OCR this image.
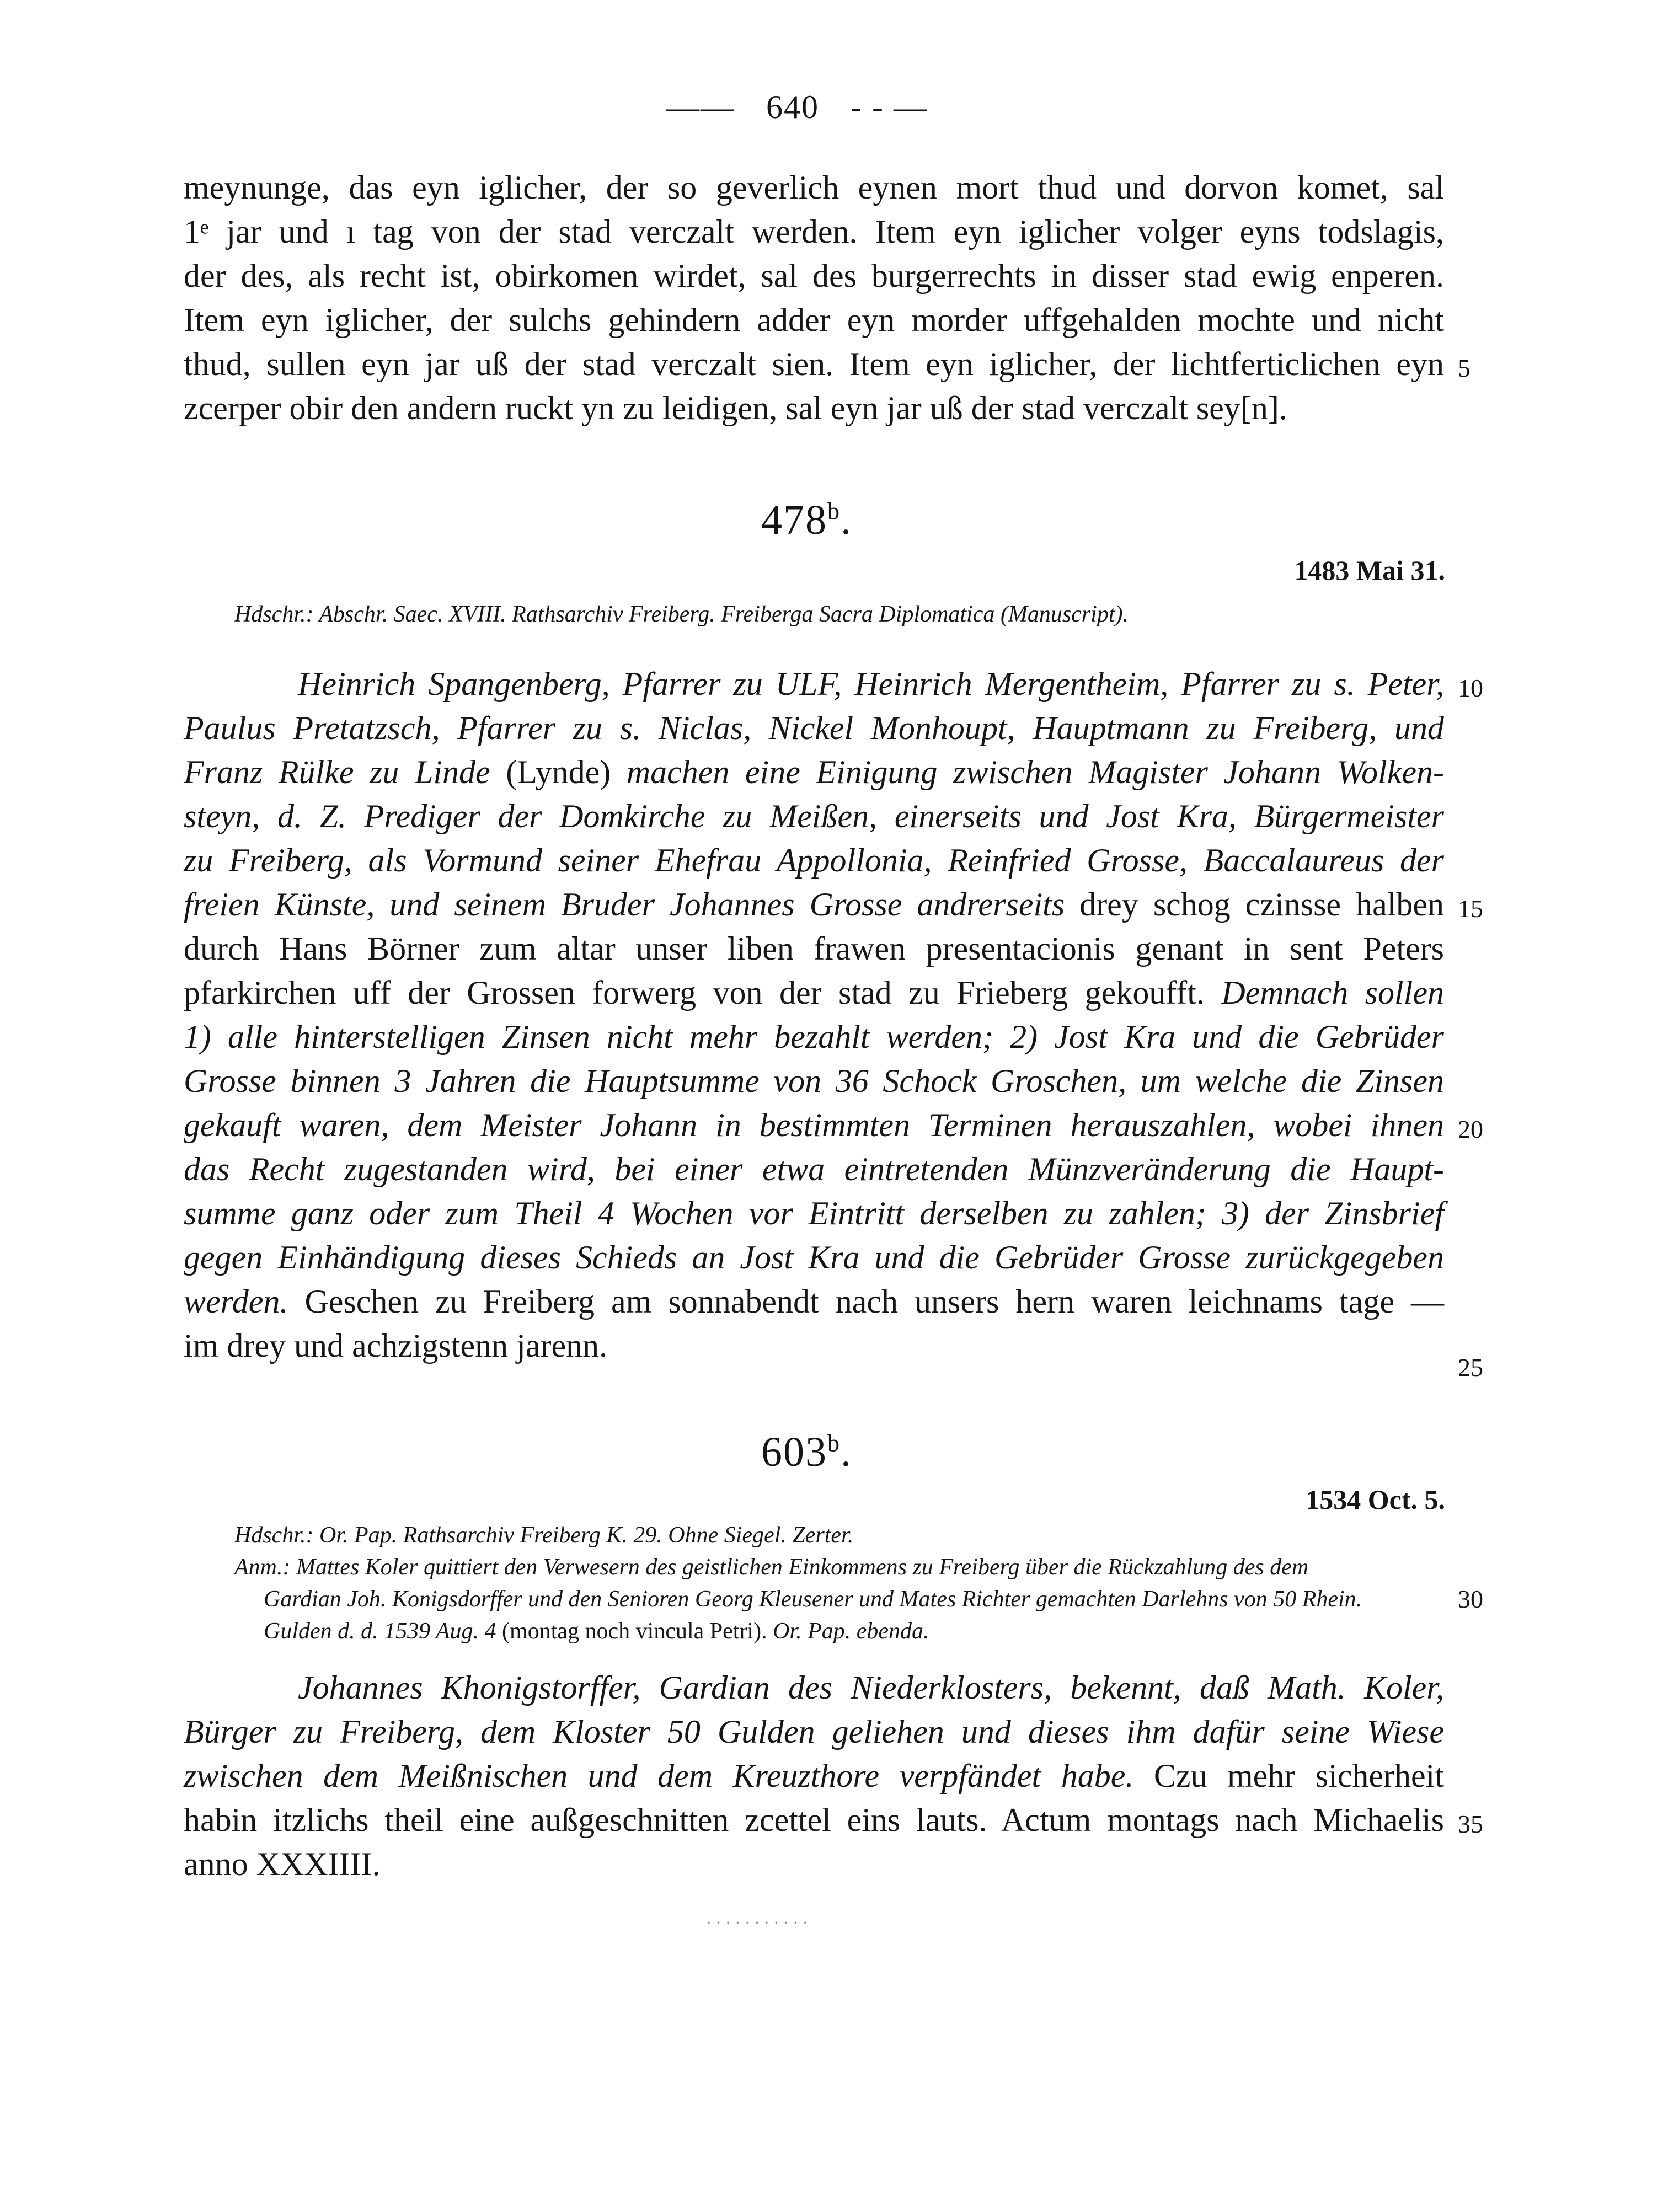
—— 640 - - —
meynunge, das eyn iglicher, der so geverlich eynen mort thud und dorvon komet, sal
1ᵉ jar und ı tag von der stad verczalt werden. Item eyn iglicher volger eyns todslagis,
der des, als recht ist, obirkomen wirdet, sal des burgerrechts in disser stad ewig enperen.
Item eyn iglicher, der sulchs gehindern adder eyn morder uffgehalden mochte und nicht
thud, sullen eyn jar uß der stad verczalt sien. Item eyn iglicher, der lichtferticlichen eyn
zcerper obir den andern ruckt yn zu leidigen, sal eyn jar uß der stad verczalt sey[n].
5
478$^b$.
1483 Mai 31.
Hdschr.: Abschr. Saec. XVIII. Rathsarchiv Freiberg. Freiberga Sacra Diplomatica (Manuscript).
Heinrich Spangenberg, Pfarrer zu ULF, Heinrich Mergentheim, Pfarrer zu s. Peter,
Paulus Pretatzsch, Pfarrer zu s. Niclas, Nickel Monhoupt, Hauptmann zu Freiberg, und
Franz Rülke zu Linde (Lynde) machen eine Einigung zwischen Magister Johann Wolken-
steyn, d. Z. Prediger der Domkirche zu Meißen, einerseits und Jost Kra, Bürgermeister
zu Freiberg, als Vormund seiner Ehefrau Appollonia, Reinfried Grosse, Baccalaureus der
freien Künste, und seinem Bruder Johannes Grosse andrerseits drey schog czinsse halben
durch Hans Börner zum altar unser liben frawen presentacionis genant in sent Peters
pfarkirchen uff der Grossen forwerg von der stad zu Frieberg gekoufft. Demnach sollen
1) alle hinterstelligen Zinsen nicht mehr bezahlt werden; 2) Jost Kra und die Gebrüder
Grosse binnen 3 Jahren die Hauptsumme von 36 Schock Groschen, um welche die Zinsen
gekauft waren, dem Meister Johann in bestimmten Terminen herauszahlen, wobei ihnen
das Recht zugestanden wird, bei einer etwa eintretenden Münzveränderung die Haupt-
summe ganz oder zum Theil 4 Wochen vor Eintritt derselben zu zahlen; 3) der Zinsbrief
gegen Einhändigung dieses Schieds an Jost Kra und die Gebrüder Grosse zurückgegeben
werden. Geschen zu Freiberg am sonnabendt nach unsers hern waren leichnams tage —
im drey und achzigstenn jarenn.
10
15
20
25
603$^b$.
1534 Oct. 5.
Hdschr.: Or. Pap. Rathsarchiv Freiberg K. 29. Ohne Siegel. Zerter.
Anm.: Mattes Koler quittiert den Verwesern des geistlichen Einkommens zu Freiberg über die Rückzahlung des dem
Gardian Joh. Konigsdorffer und den Senioren Georg Kleusener und Mates Richter gemachten Darlehns von 50 Rhein.
Gulden d. d. 1539 Aug. 4 (montag noch vincula Petri). Or. Pap. ebenda.
30
Johannes Khonigstorffer, Gardian des Niederklosters, bekennt, daß Math. Koler,
Bürger zu Freiberg, dem Kloster 50 Gulden geliehen und dieses ihm dafür seine Wiese
zwischen dem Meißnischen und dem Kreuzthore verpfändet habe. Czu mehr sicherheit
habin itzlichs theil eine außgeschnitten zcettel eins lauts. Actum montags nach Michaelis
anno XXXIIII.
35
· · · · · · · · · · ·
